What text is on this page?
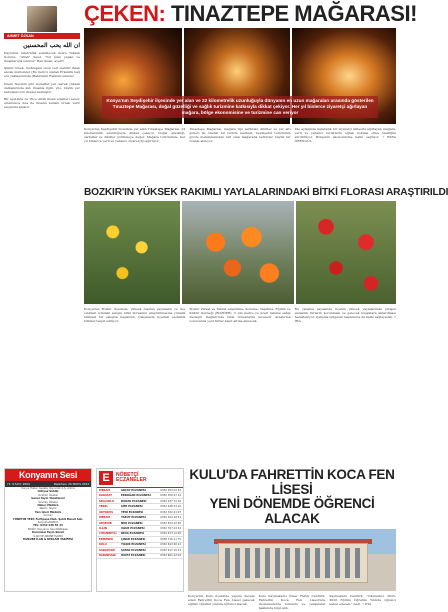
AHMET ÖZKAN
ان الله يحب المحسنين

Kaybımız Allah'ülük edebilecek üzere Yüksek Sorunu, "Allah" Sevd. "Sır işler yapan ve ihsanlarıyla sınırsız" Ben ihsan, ayeti!!

Şükür örnek, muhteşem onun veri olabilir ihsan ancak muhsinler (Bu iletici) olarak Erkeklik bağ söz yaklaşımında (Bahrimim Rabbini sınırsız.

İmam Nevinin gibi muzaffer yer olarak yüksek dalkanırında kul; ihsanla ilgili, yüz, büyük yer kabulleni için ibadet kalmıştır.

Bir ayetinde de Yüce Allah ihsan edenleri sever, umarsızca dua ile ihsanlı kulları örnek verir sevgisini anlatır.

ÇEKEN: TINAZTEPE MAĞARASI!
Konya'nın Seydişehir ilçesinde yer alan ve 22 kilometrelik uzunluğuyla dünyanın en uzun mağaraları arasında gösterilen Tınaztepe Mağarası, doğal güzelliği ve sağlık turizmine katkısıyla dikkat çekiyor. Her yıl binlerce ziyaretçi ağırlayan mağara, bölge ekonomisine ve turizmine can veriyor
Konya'nın Seydişehir ilçesinde yer alan Tınaztepe Mağarası, 22 kilometrelik uzunluğuyla dikkat çekiyor. Doğal güzelliği, sarkıtlar ve dikitler görülmeye değer. Mağara turizminde, her yıl binlerce yerli ve yabancı ziyaretçiyi ağırlıyor.
Tınaztepe Mağarası, mağara tipi sarkıtlar, dikitler ve yer altı gölleri ile önemli bir turizm merkezi. Seydişehir turizminin gözde mekânlarından biri olan mağarada tedbirler büyük bir özenle alınıyor.
Yaz aylarında kalabalık bir ziyaretçi kitlesini ağırlayan mağara, yerli ve yabancı turistlerin uğrak noktası olma özelliğini sürdürüyor. Bölgenin ekonomisine katkı sağlıyor. • ESRA ÖRENGÜL
BOZKIR'IN YÜKSEK RAKIMLI YAYLALARINDAKİ BİTKİ FLORASI ARAŞTIRILDI
Konya'nın Bozkır ilçesinde, yüksek rakımlı yaylaların ve ilçe sınırları içindeki zengin bitki florasının araştırılmasına yönelik bilimsel bir çalışma başlatıldı. Çalışmada ilçedeki endemik bitkiler tespit ediliyor.
Bozkır Ziraat ve Tabiat Araştırma, Koruma, Yaşatma, Eğitim ve Kültür Derneği (BOZDER), 5 bin metre ve üzeri rakıma sahip Dedegöl Dağları'nda bitki örneklerini inceledi. Araştırma sonucunda yeni türler kayıt altına alınacak.
Bu çalışma sayesinde ilçenin yüksek yaylalarında yetişen endemik türlerin korunması ve gelecek kuşaklara aktarılması hedefleniyor. Çalışma bölgenin tanıtımına da katkı sağlayacak. • İHA
Konyanın Sesi
Yıl: 9 SAYI: 2664	Pazartesi, 24 MAYIS 2024
Konya Haber Gazete Yayıncılık A.Ş. Adına
İmtiyaz Sahibi
İbrahim Özakal
Genel Yayın Yönetmeni
Sevilay Özakal
Haber Müdürü
Nesrin Akyüz
Yazı İşleri Müdürü
Ali Kılıç
YÖNETİM YERİ: Feritpaşa Mah. Şehit Mesut Sok.
Selçuklu/KONYA
TEL: 0332 238 55 44
BASKI: Konyanın Sesi Matbaası
Kurumsal Yayın Süreli
İLAN VE ABONE İŞLERİ
MUSUBE İLAN & REKLAM TARİFESİ
E	NÖBETÇİ
ECZANELER
MERAM	AKÇAY ECZANESİ	0332 353 52 42
KARATAY	ERDOĞAN ECZANESİ	0332 350 47 12
SELÇUKLU	DURAK ECZANESİ	0332 237 72 16
TEKEL	ŞİFA ECZANESİ	0332 248 33 10
AKYOKUŞ	YENİ ECZANESİ	0332 322 41 07
MERAM	YAKUT ECZANESİ	0332 324 18 31
AKŞEHİR	NUR ECZANESİ	0332 813 22 90
ILGIN	UĞUR ECZANESİ	0332 767 24 54
CİHANBEYLİ	DEVA ECZANESİ	0332 673 12 08
ERMENEK	ÇINAR ECZANESİ	0338 716 11 75
KULU	YILDIZ ECZANESİ	0332 613 40 22
SARAYÖNÜ	ŞAFAK ECZANESİ	0332 617 10 33
KADINHANI	HAYAT ECZANESİ	0332 661 22 04
KULU'DA FAHRETTİN KOCA FEN LİSESİ
YENİ DÖNEMDE ÖĞRENCİ ALACAK
Konya'nın Kulu ilçesinde yapımı devam eden Fahrettin Koca Fen Lisesi gelecek eğitim öğretim yılında öğrenci alacak.
Kulu Kaymakamı Ömer Faruk Cantürk, Fahrettin Koca Fen Lisesi'nde incelemelerde bulundu ve çalışmalar hakkında bilgi aldı.
Kaymakam Cantürk, "Okulumuz 2025-2026 Eğitim Öğretim Yılında öğrenci kabul edecek." dedi. • İHA
